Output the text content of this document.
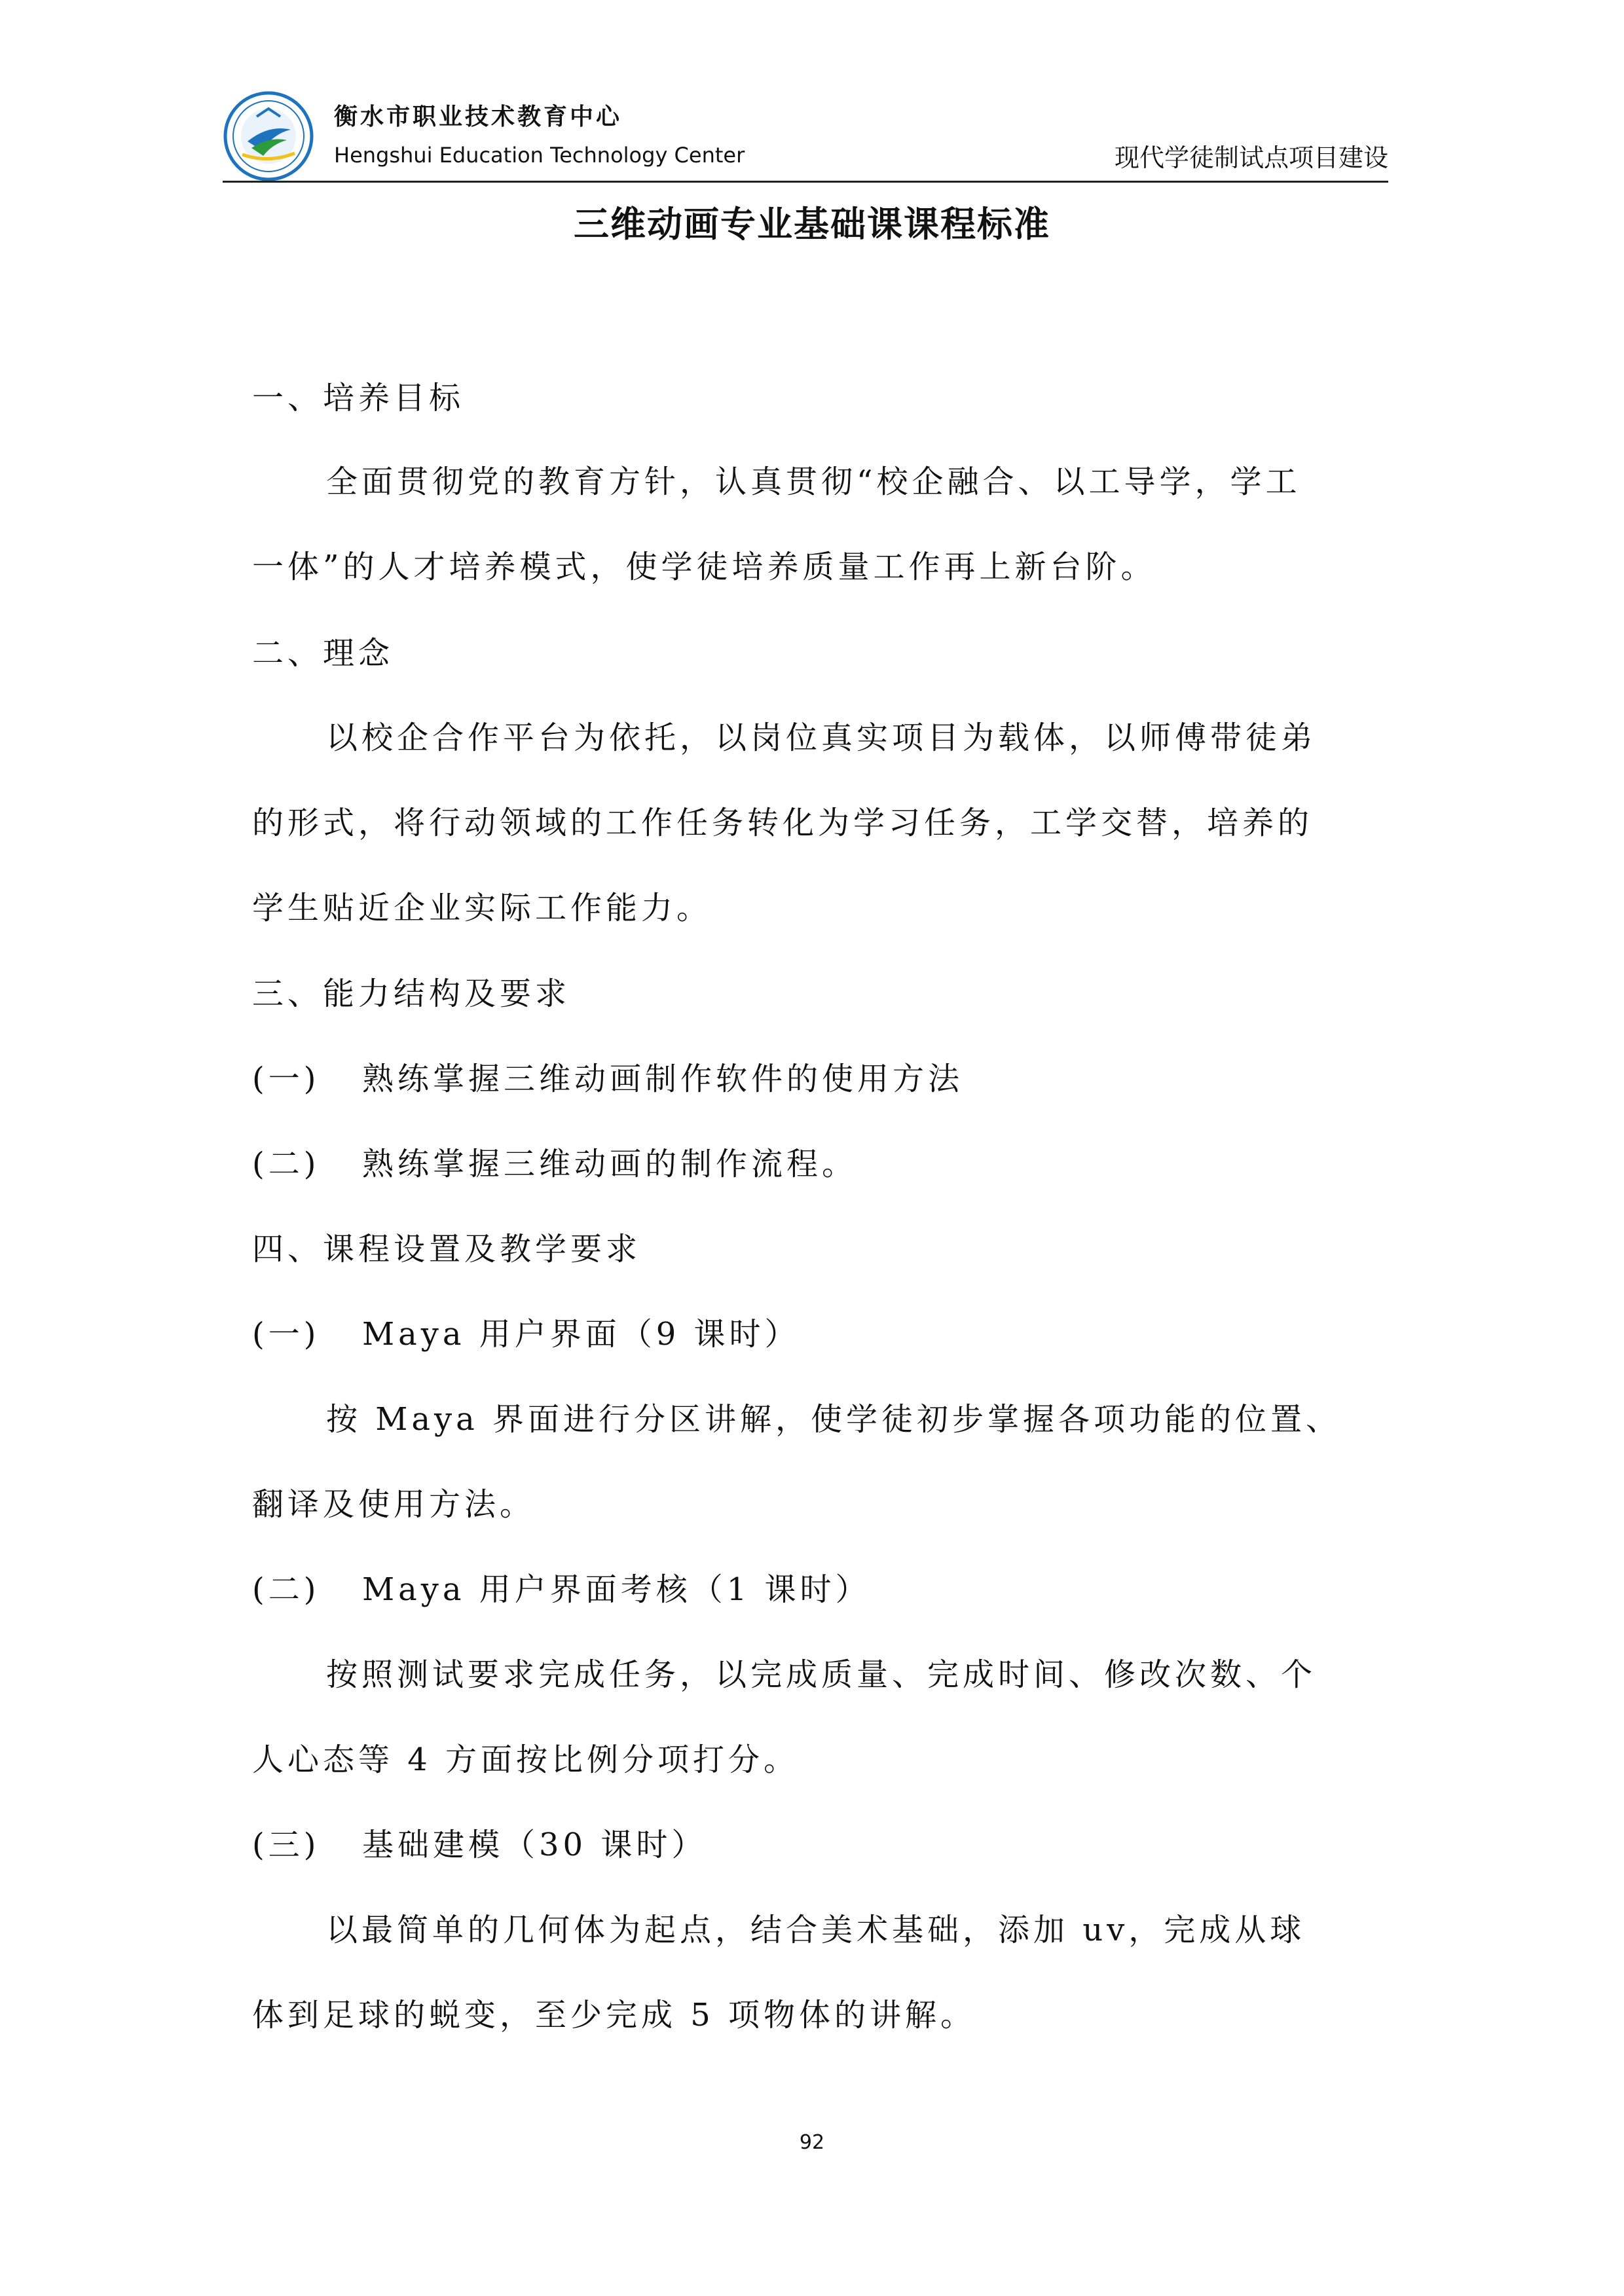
衡水市职业技术教育中心
Hengshui Education Technology Center	现代学徒制试点项目建设
三维动画专业基础课课程标准
一、培养目标
全面贯彻党的教育方针，认真贯彻“校企融合、以工导学，学工
一体”的人才培养模式，使学徒培养质量工作再上新台阶。
二、理念
以校企合作平台为依托，以岗位真实项目为载体，以师傅带徒弟
的形式，将行动领域的工作任务转化为学习任务，工学交替，培养的
学生贴近企业实际工作能力。
三、能力结构及要求
(一) 熟练掌握三维动画制作软件的使用方法
(二) 熟练掌握三维动画的制作流程。
四、课程设置及教学要求
(一) Maya 用户界面（9 课时）
按 Maya 界面进行分区讲解，使学徒初步掌握各项功能的位置、
翻译及使用方法。
(二) Maya 用户界面考核（1 课时）
按照测试要求完成任务，以完成质量、完成时间、修改次数、个
人心态等 4 方面按比例分项打分。
(三) 基础建模（30 课时）
以最简单的几何体为起点，结合美术基础，添加 uv，完成从球
体到足球的蜕变，至少完成 5 项物体的讲解。
92
